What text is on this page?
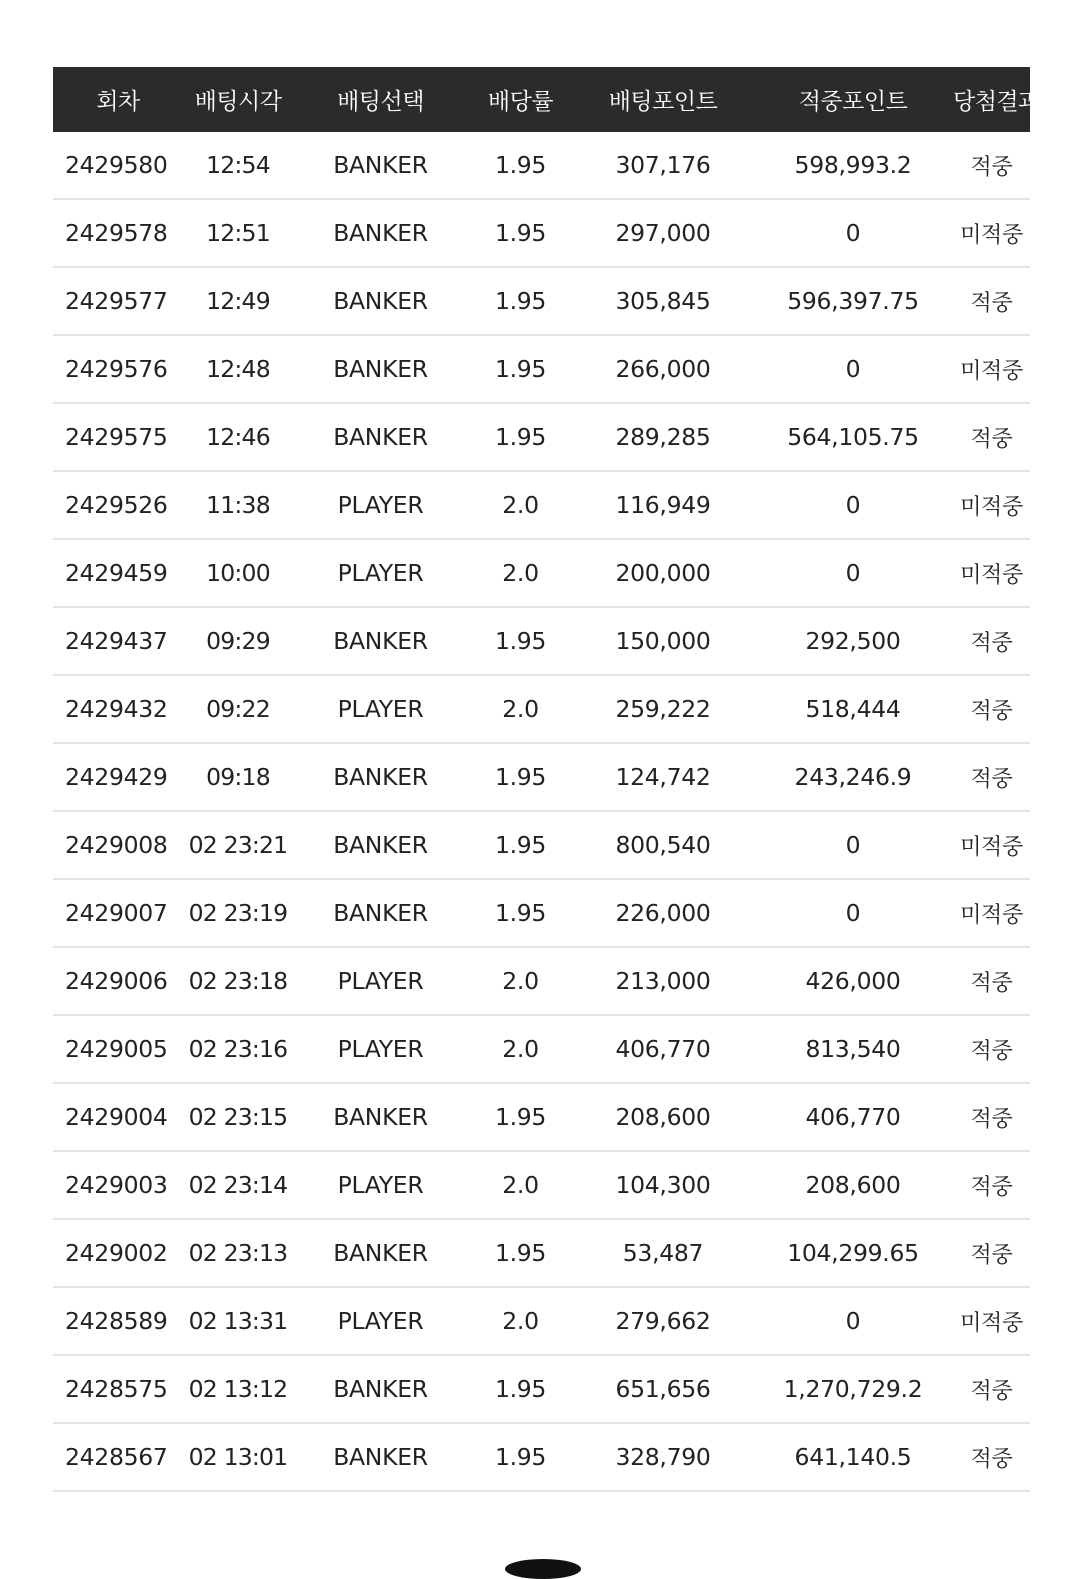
회차	배팅시각	배팅선택	배당률	배팅포인트	적중포인트	당첨결과
2429580	12:54	BANKER	1.95	307,176	598,993.2	적중
2429578	12:51	BANKER	1.95	297,000	0	미적중
2429577	12:49	BANKER	1.95	305,845	596,397.75	적중
2429576	12:48	BANKER	1.95	266,000	0	미적중
2429575	12:46	BANKER	1.95	289,285	564,105.75	적중
2429526	11:38	PLAYER	2.0	116,949	0	미적중
2429459	10:00	PLAYER	2.0	200,000	0	미적중
2429437	09:29	BANKER	1.95	150,000	292,500	적중
2429432	09:22	PLAYER	2.0	259,222	518,444	적중
2429429	09:18	BANKER	1.95	124,742	243,246.9	적중
2429008	02 23:21	BANKER	1.95	800,540	0	미적중
2429007	02 23:19	BANKER	1.95	226,000	0	미적중
2429006	02 23:18	PLAYER	2.0	213,000	426,000	적중
2429005	02 23:16	PLAYER	2.0	406,770	813,540	적중
2429004	02 23:15	BANKER	1.95	208,600	406,770	적중
2429003	02 23:14	PLAYER	2.0	104,300	208,600	적중
2429002	02 23:13	BANKER	1.95	53,487	104,299.65	적중
2428589	02 13:31	PLAYER	2.0	279,662	0	미적중
2428575	02 13:12	BANKER	1.95	651,656	1,270,729.2	적중
2428567	02 13:01	BANKER	1.95	328,790	641,140.5	적중
